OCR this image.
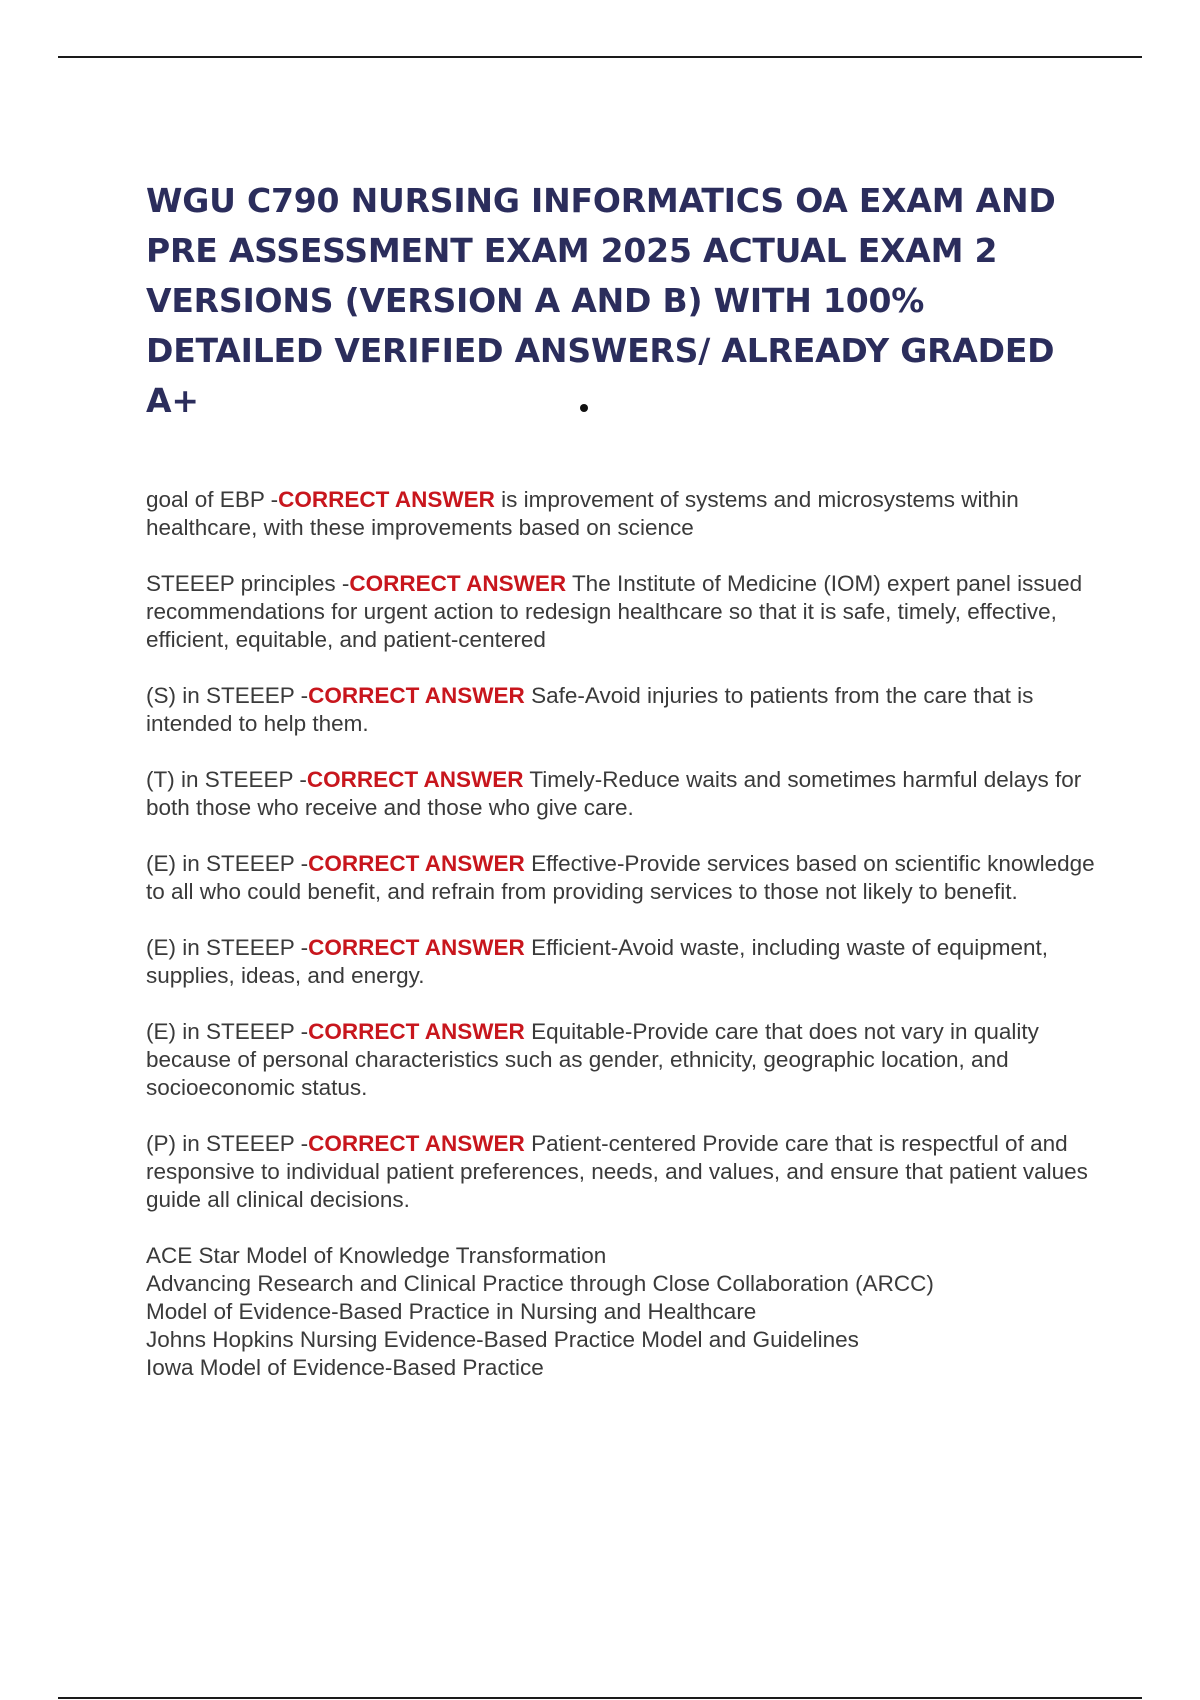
WGU C790 NURSING INFORMATICS OA EXAM AND PRE ASSESSMENT EXAM 2025 ACTUAL EXAM 2 VERSIONS (VERSION A AND B) WITH 100% DETAILED VERIFIED ANSWERS/ ALREADY GRADED A+

goal of EBP -CORRECT ANSWER is improvement of systems and microsystems within healthcare, with these improvements based on science

STEEEP principles -CORRECT ANSWER The Institute of Medicine (IOM) expert panel issued recommendations for urgent action to redesign healthcare so that it is safe, timely, effective, efficient, equitable, and patient-centered

(S) in STEEEP -CORRECT ANSWER Safe-Avoid injuries to patients from the care that is intended to help them.

(T) in STEEEP -CORRECT ANSWER Timely-Reduce waits and sometimes harmful delays for both those who receive and those who give care.

(E) in STEEEP -CORRECT ANSWER Effective-Provide services based on scientific knowledge to all who could benefit, and refrain from providing services to those not likely to benefit.

(E) in STEEEP -CORRECT ANSWER Efficient-Avoid waste, including waste of equipment, supplies, ideas, and energy.

(E) in STEEEP -CORRECT ANSWER Equitable-Provide care that does not vary in quality because of personal characteristics such as gender, ethnicity, geographic location, and socioeconomic status.

(P) in STEEEP -CORRECT ANSWER Patient-centered Provide care that is respectful of and responsive to individual patient preferences, needs, and values, and ensure that patient values guide all clinical decisions.

ACE Star Model of Knowledge Transformation
Advancing Research and Clinical Practice through Close Collaboration (ARCC)
Model of Evidence-Based Practice in Nursing and Healthcare
Johns Hopkins Nursing Evidence-Based Practice Model and Guidelines
Iowa Model of Evidence-Based Practice
